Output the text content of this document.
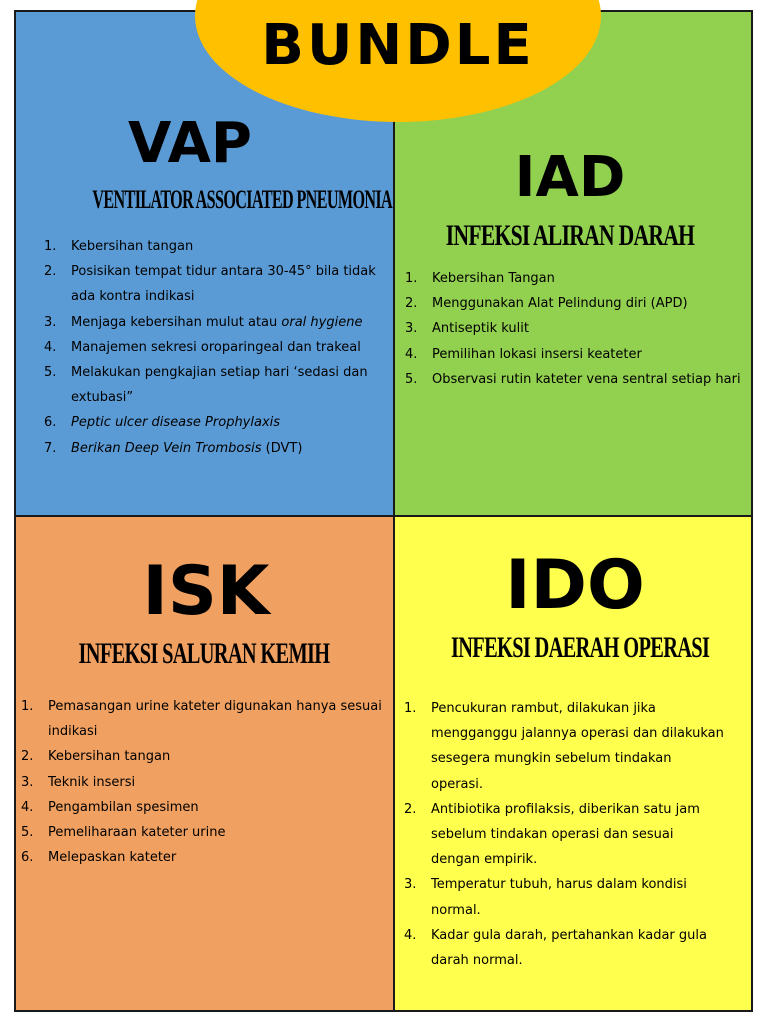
BUNDLE
VAP
VENTILATOR ASSOCIATED PNEUMONIA
1. Kebersihan tangan
2. Posisikan tempat tidur antara 30-45° bila tidak ada kontra indikasi
3. Menjaga kebersihan mulut atau oral hygiene
4. Manajemen sekresi oroparingeal dan trakeal
5. Melakukan pengkajian setiap hari ‘sedasi dan extubasi”
6. Peptic ulcer disease Prophylaxis
7. Berikan Deep Vein Trombosis (DVT)
IAD
INFEKSI ALIRAN DARAH
1. Kebersihan Tangan
2. Menggunakan Alat Pelindung diri (APD)
3. Antiseptik kulit
4. Pemilihan lokasi insersi keateter
5. Observasi rutin kateter vena sentral setiap hari
ISK
INFEKSI SALURAN KEMIH
1. Pemasangan urine kateter digunakan hanya sesuai indikasi
2. Kebersihan tangan
3. Teknik insersi
4. Pengambilan spesimen
5. Pemeliharaan kateter urine
6. Melepaskan kateter
IDO
INFEKSI DAERAH OPERASI
1. Pencukuran rambut, dilakukan jika mengganggu jalannya operasi dan dilakukan sesegera mungkin sebelum tindakan operasi.
2. Antibiotika profilaksis, diberikan satu jam sebelum tindakan operasi dan sesuai dengan empirik.
3. Temperatur tubuh, harus dalam kondisi normal.
4. Kadar gula darah, pertahankan kadar gula darah normal.
